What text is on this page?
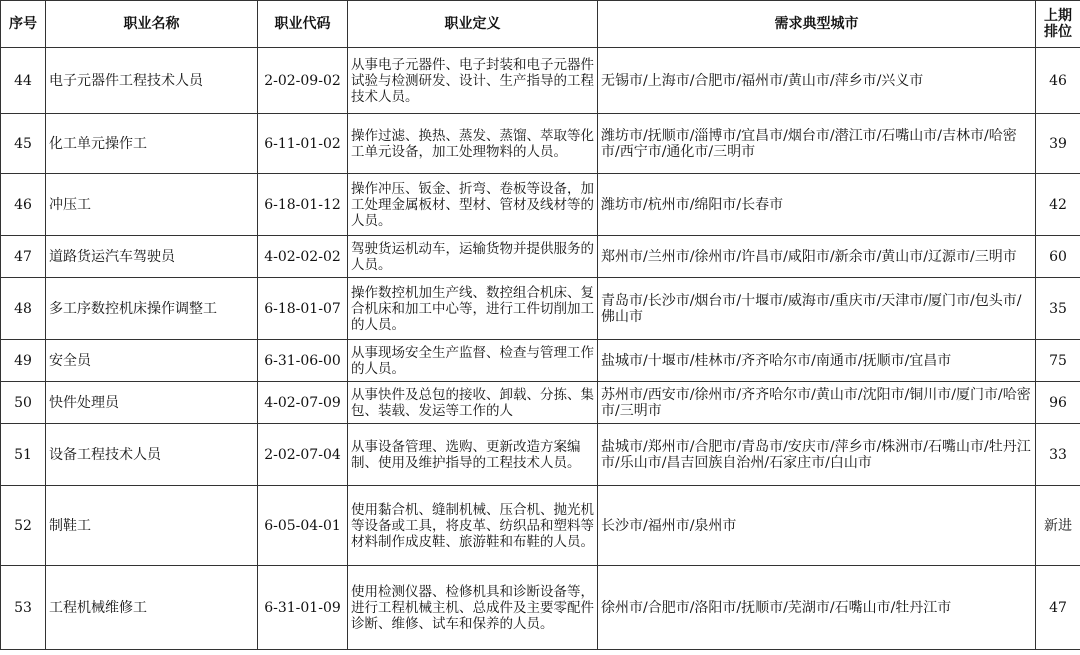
序号	职业名称	职业代码	职业定义	需求典型城市	上期排位
44	电子元器件工程技术人员	2-02-09-02	从事电子元器件、电子封装和电子元器件试验与检测研发、设计、生产指导的工程技术人员。	无锡市/上海市/合肥市/福州市/黄山市/萍乡市/兴义市	46
45	化工单元操作工	6-11-01-02	操作过滤、换热、蒸发、蒸馏、萃取等化工单元设备，加工处理物料的人员。	潍坊市/抚顺市/淄博市/宜昌市/烟台市/潜江市/石嘴山市/吉林市/哈密市/西宁市/通化市/三明市	39
46	冲压工	6-18-01-12	操作冲压、钣金、折弯、卷板等设备，加工处理金属板材、型材、管材及线材等的人员。	潍坊市/杭州市/绵阳市/长春市	42
47	道路货运汽车驾驶员	4-02-02-02	驾驶货运机动车，运输货物并提供服务的人员。	郑州市/兰州市/徐州市/许昌市/咸阳市/新余市/黄山市/辽源市/三明市	60
48	多工序数控机床操作调整工	6-18-01-07	操作数控机加生产线、数控组合机床、复合机床和加工中心等，进行工件切削加工的人员。	青岛市/长沙市/烟台市/十堰市/威海市/重庆市/天津市/厦门市/包头市/佛山市	35
49	安全员	6-31-06-00	从事现场安全生产监督、检查与管理工作的人员。	盐城市/十堰市/桂林市/齐齐哈尔市/南通市/抚顺市/宜昌市	75
50	快件处理员	4-02-07-09	从事快件及总包的接收、卸载、分拣、集包、装载、发运等工作的人	苏州市/西安市/徐州市/齐齐哈尔市/黄山市/沈阳市/铜川市/厦门市/哈密市/三明市	96
51	设备工程技术人员	2-02-07-04	从事设备管理、选购、更新改造方案编制、使用及维护指导的工程技术人员。	盐城市/郑州市/合肥市/青岛市/安庆市/萍乡市/株洲市/石嘴山市/牡丹江市/乐山市/昌吉回族自治州/石家庄市/白山市	33
52	制鞋工	6-05-04-01	使用黏合机、缝制机械、压合机、抛光机等设备或工具，将皮革、纺织品和塑料等材料制作成皮鞋、旅游鞋和布鞋的人员。	长沙市/福州市/泉州市	新进
53	工程机械维修工	6-31-01-09	使用检测仪器、检修机具和诊断设备等，进行工程机械主机、总成件及主要零配件诊断、维修、试车和保养的人员。	徐州市/合肥市/洛阳市/抚顺市/芜湖市/石嘴山市/牡丹江市	47
